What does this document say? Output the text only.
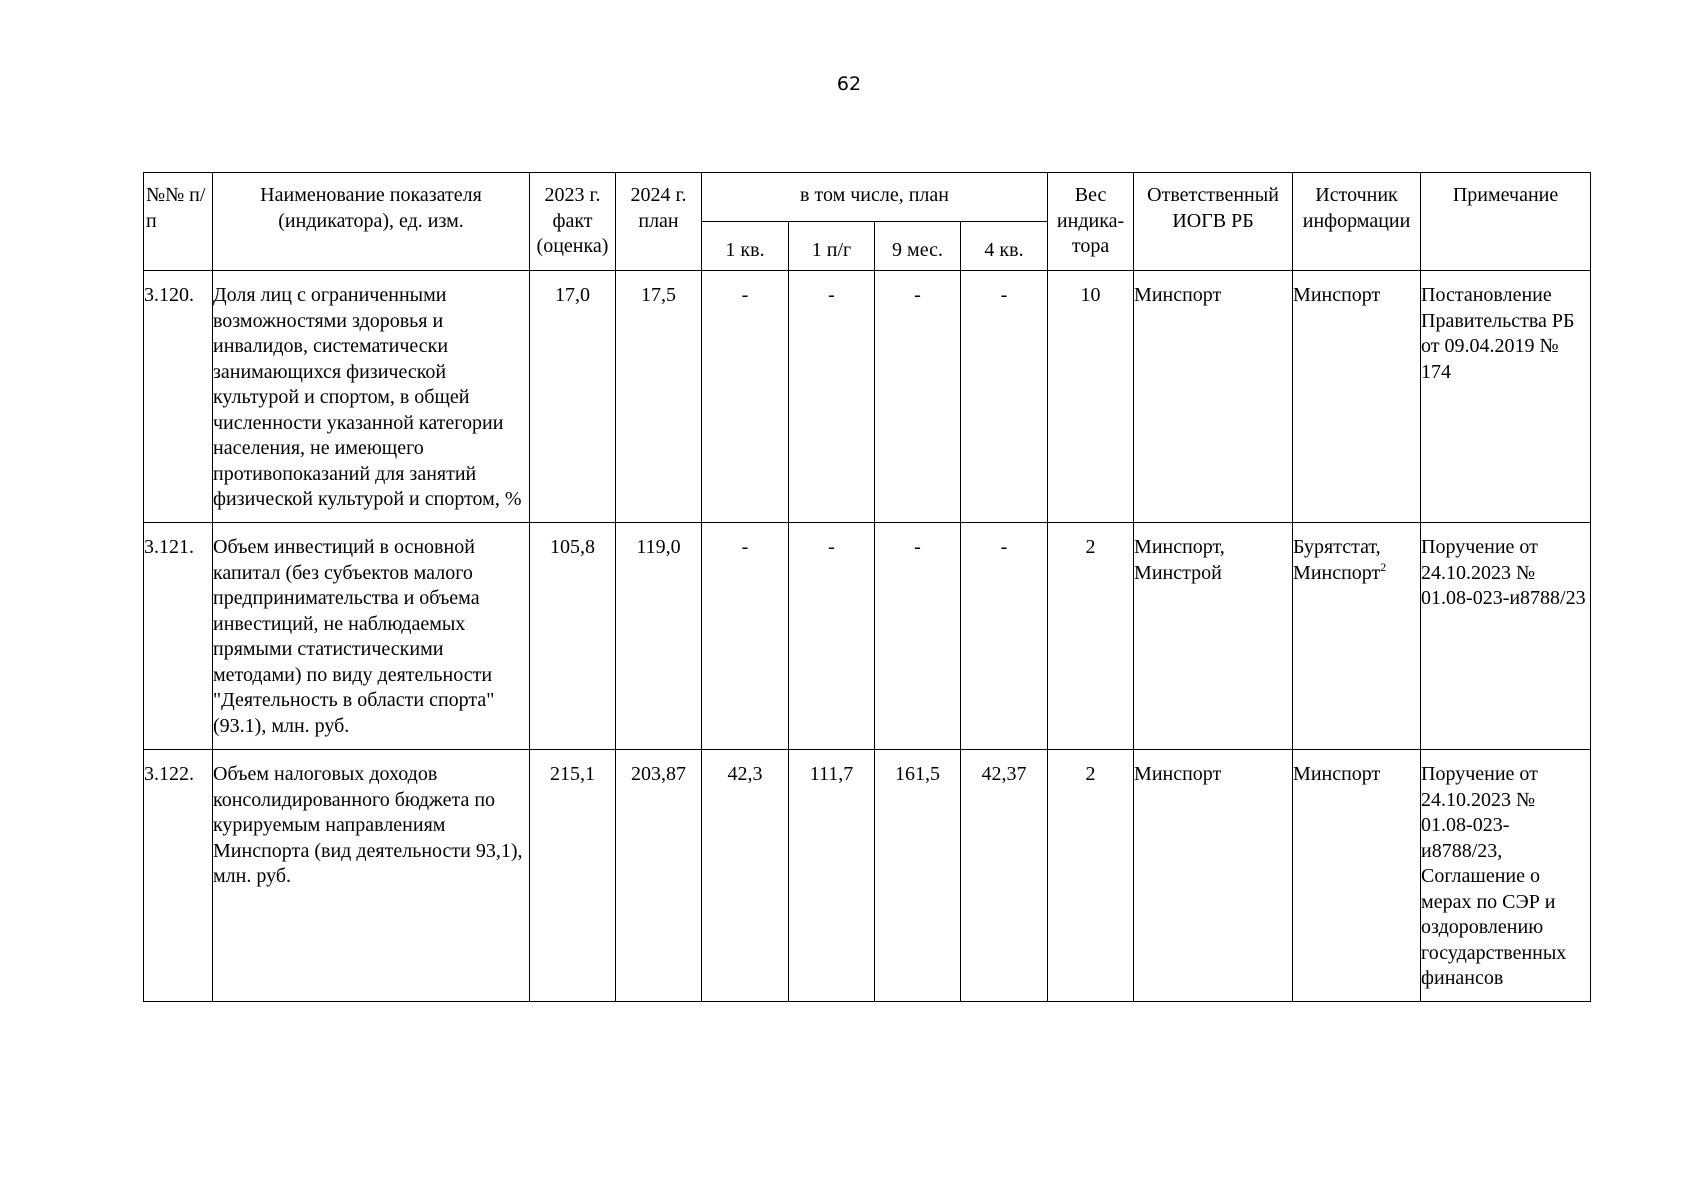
62
№№ п/п	Наименование показателя (индикатора), ед. изм.	2023 г. факт (оценка)	2024 г. план	в том числе, план				Вес индика-тора	Ответственный ИОГВ РБ	Источник информации	Примечание
				1 кв.	1 п/г	9 мес.	4 кв.				
3.120.	Доля лиц с ограниченными возможностями здоровья и инвалидов, систематически занимающихся физической культурой и спортом, в общей численности указанной категории населения, не имеющего противопоказаний для занятий физической культурой и спортом, %	17,0	17,5	-	-	-	-	10	Минспорт	Минспорт	Постановление Правительства РБ от 09.04.2019 № 174
3.121.	Объем инвестиций в основной капитал (без субъектов малого предпринимательства и объема инвестиций, не наблюдаемых прямыми статистическими методами) по виду деятельности "Деятельность в области спорта" (93.1), млн. руб.	105,8	119,0	-	-	-	-	2	Минспорт, Минстрой	Бурятстат, Минспорт$^2$	Поручение от 24.10.2023 № 01.08-023-и8788/23
3.122.	Объем налоговых доходов консолидированного бюджета по курируемым направлениям Минспорта (вид деятельности 93,1), млн. руб.	215,1	203,87	42,3	111,7	161,5	42,37	2	Минспорт	Минспорт	Поручение от 24.10.2023 № 01.08-023-и8788/23, Соглашение о мерах по СЭР и оздоровлению государственных финансов
